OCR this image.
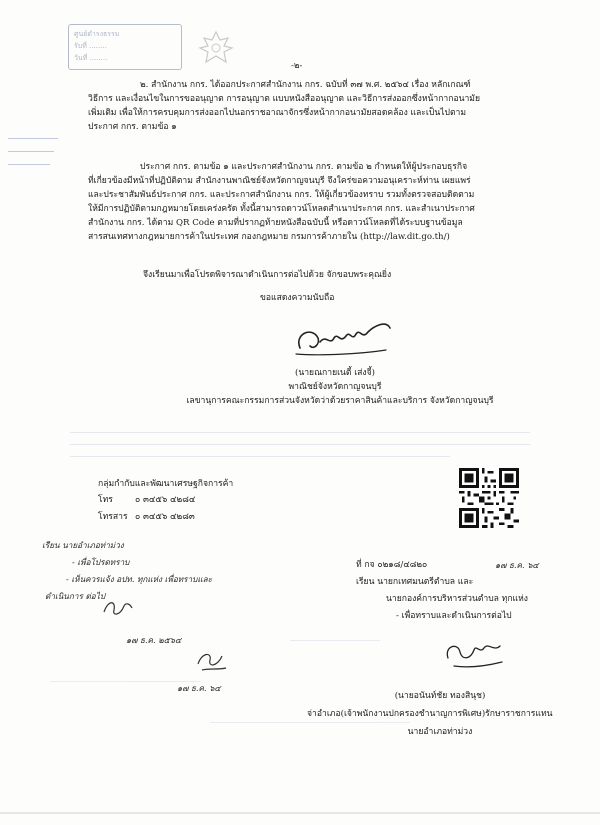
ศูนย์ดำรงธรรม
รับที่ ........
วันที่ ........
-๒-
๒. สำนักงาน กกร. ได้ออกประกาศสำนักงาน กกร. ฉบับที่ ๓๗ พ.ศ. ๒๕๖๔ เรื่อง หลักเกณฑ์
วิธีการ และเงื่อนไขในการขออนุญาต การอนุญาต แบบหนังสืออนุญาต และวิธีการส่งออกซึ่งหน้ากากอนามัย
เพิ่มเติม เพื่อให้การครบคุมการส่งออกไปนอกราชอาณาจักรซึ่งหน้ากากอนามัยสอดคล้อง และเป็นไปตาม
ประกาศ กกร. ตามข้อ ๑
ประกาศ กกร. ตามข้อ ๑ และประกาศสำนักงาน กกร. ตามข้อ ๒ กำหนดให้ผู้ประกอบธุรกิจ
ที่เกี่ยวข้องมีหน้าที่ปฏิบัติตาม สำนักงานพาณิชย์จังหวัดกาญจนบุรี จึงใคร่ขอความอนุเคราะห์ท่าน เผยแพร่
และประชาสัมพันธ์ประกาศ กกร. และประกาศสำนักงาน กกร. ให้ผู้เกี่ยวข้องทราบ รวมทั้งตรวจสอบติดตาม
ให้มีการปฏิบัติตามกฎหมายโดยเคร่งครัด ทั้งนี้สามารถดาวน์โหลดสำเนาประกาศ กกร. และสำเนาประกาศ
สำนักงาน กกร. ได้ตาม QR Code ตามที่ปรากฏท้ายหนังสือฉบับนี้ หรือดาวน์โหลดที่ได้ระบบฐานข้อมูล
สารสนเทศทางกฎหมายการค้าในประเทศ กองกฎหมาย กรมการค้าภายใน (http://law.dit.go.th/)
จึงเรียนมาเพื่อโปรดพิจารณาดำเนินการต่อไปด้วย จักขอบพระคุณยิ่ง
ขอแสดงความนับถือ
(นายณกายเนตี้ เส่งจี้)
พาณิชย์จังหวัดกาญจนบุรี
เลขานุการคณะกรรมการส่วนจังหวัดว่าด้วยราคาสินค้าและบริการ จังหวัดกาญจนบุรี
กลุ่มกำกับและพัฒนาเศรษฐกิจการค้า
โทร	๐ ๓๔๕๖ ๔๒๘๔
โทรสาร ๐ ๓๔๕๖ ๔๒๘๓
เรียน นายอำเภอท่าม่วง
- เพื่อโปรดทราบ
- เห็นควรแจ้ง อปท. ทุกแห่ง เพื่อทราบและ
ดำเนินการ ต่อไป
๑๗ ธ.ค. ๒๕๖๔
๑๗ ธ.ค. ๖๔
ที่ กจ ๐๒๑๘/๔๘๒๐	๑๗ ธ.ค. ๖๔
เรียน นายกเทศมนตรีตำบล และ
นายกองค์การบริหารส่วนตำบล ทุกแห่ง
- เพื่อทราบและดำเนินการต่อไป
(นายอนันท์ชัย ทองสินุช)
จ่าอำเภอ(เจ้าพนักงานปกครองชำนาญการพิเศษ)รักษาราชการแทน
นายอำเภอท่าม่วง
